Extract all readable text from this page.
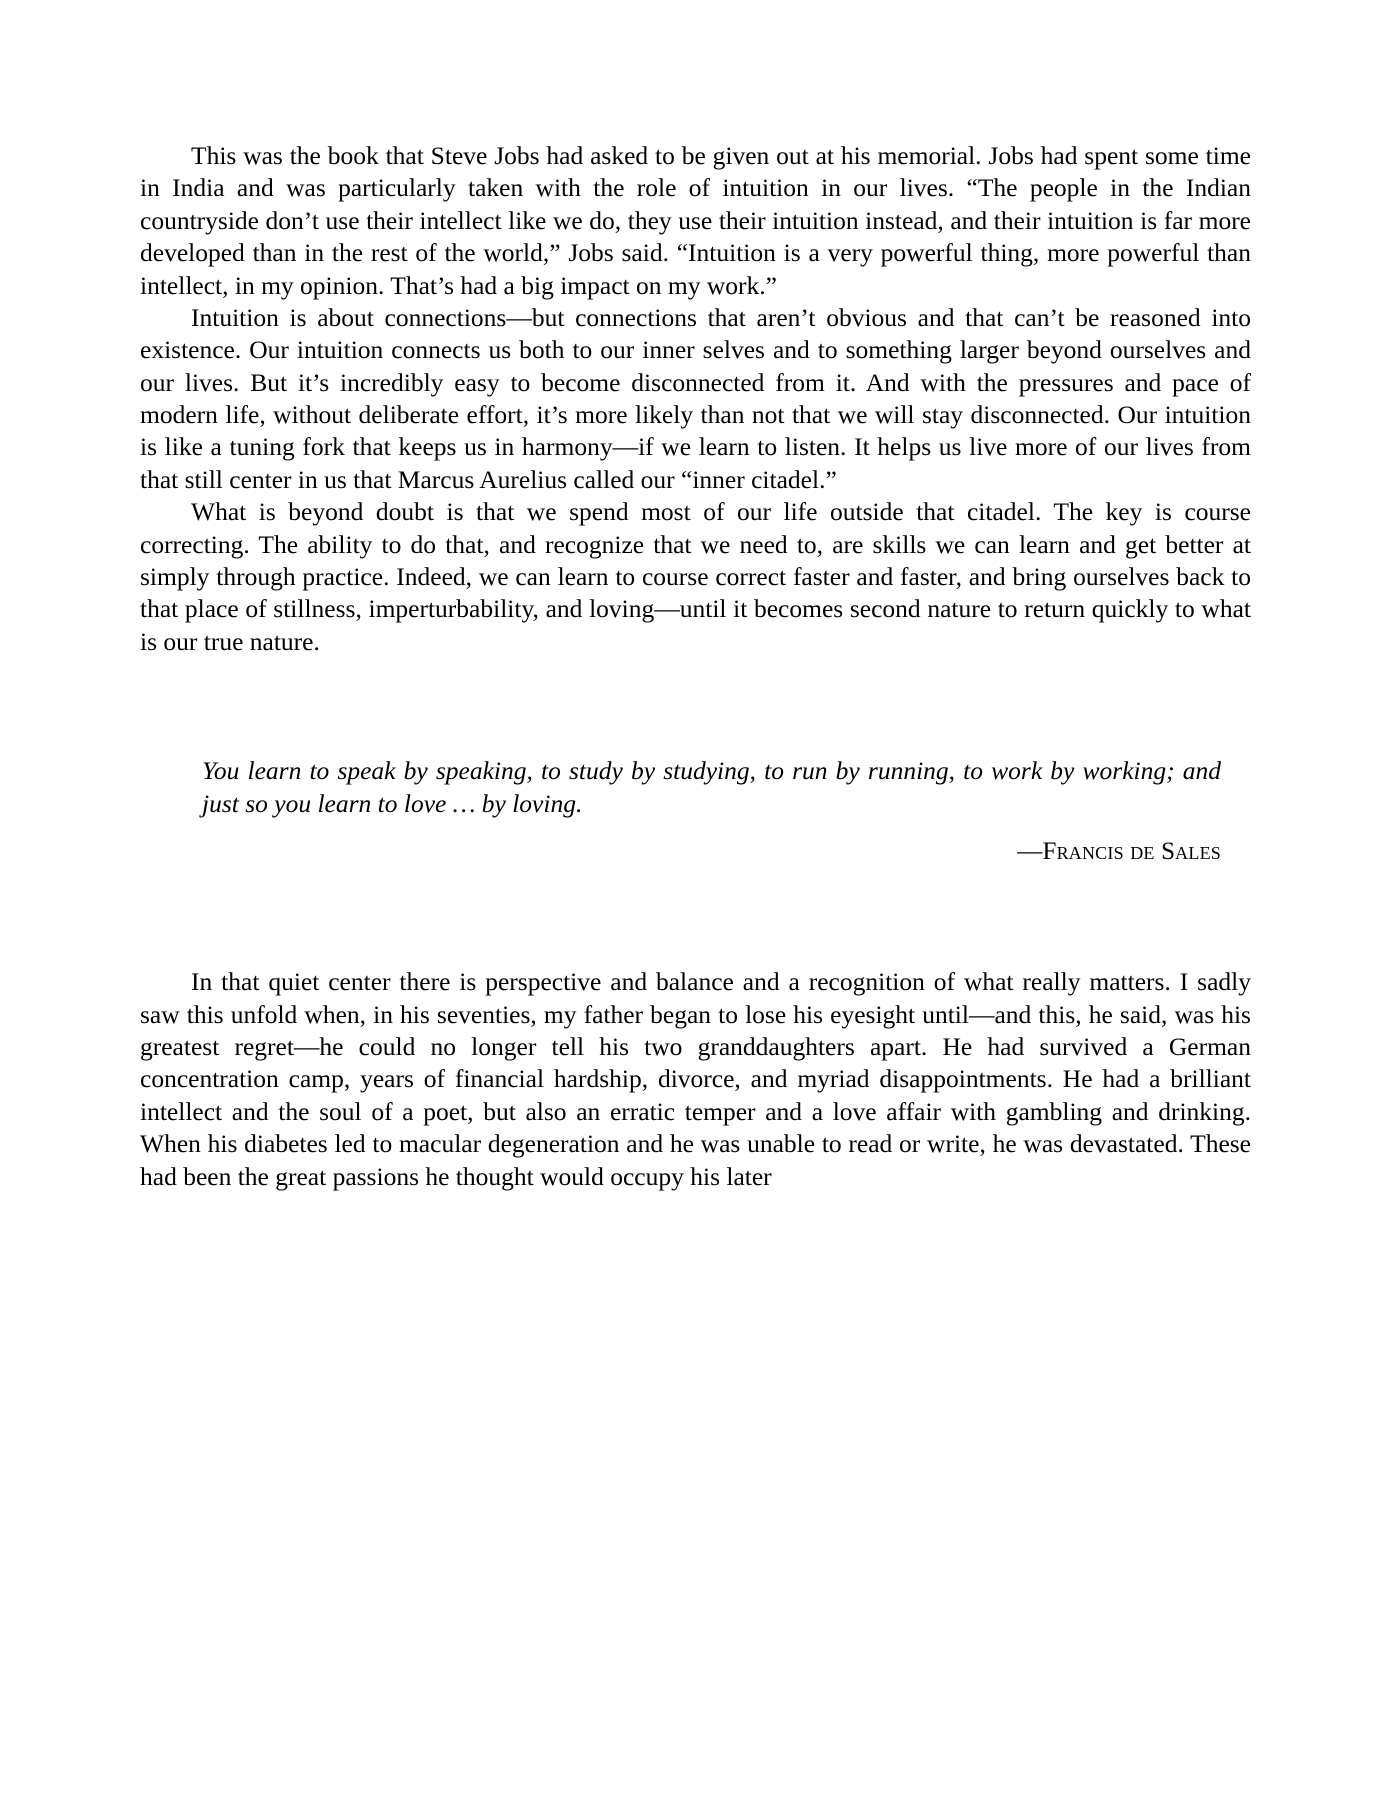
This was the book that Steve Jobs had asked to be given out at his memorial. Jobs had spent some time in India and was particularly taken with the role of intuition in our lives. “The people in the Indian countryside don’t use their intellect like we do, they use their intuition instead, and their intuition is far more developed than in the rest of the world,” Jobs said. “Intuition is a very powerful thing, more powerful than intellect, in my opinion. That’s had a big impact on my work.”

Intuition is about connections—but connections that aren’t obvious and that can’t be reasoned into existence. Our intuition connects us both to our inner selves and to something larger beyond ourselves and our lives. But it’s incredibly easy to become disconnected from it. And with the pressures and pace of modern life, without deliberate effort, it’s more likely than not that we will stay disconnected. Our intuition is like a tuning fork that keeps us in harmony—if we learn to listen. It helps us live more of our lives from that still center in us that Marcus Aurelius called our “inner citadel.”

What is beyond doubt is that we spend most of our life outside that citadel. The key is course correcting. The ability to do that, and recognize that we need to, are skills we can learn and get better at simply through practice. Indeed, we can learn to course correct faster and faster, and bring ourselves back to that place of stillness, imperturbability, and loving—until it becomes second nature to return quickly to what is our true nature.

You learn to speak by speaking, to study by studying, to run by running, to work by working; and just so you learn to love … by loving.

—Francis de Sales

In that quiet center there is perspective and balance and a recognition of what really matters. I sadly saw this unfold when, in his seventies, my father began to lose his eyesight until—and this, he said, was his greatest regret—he could no longer tell his two granddaughters apart. He had survived a German concentration camp, years of financial hardship, divorce, and myriad disappointments. He had a brilliant intellect and the soul of a poet, but also an erratic temper and a love affair with gambling and drinking. When his diabetes led to macular degeneration and he was unable to read or write, he was devastated. These had been the great passions he thought would occupy his later
